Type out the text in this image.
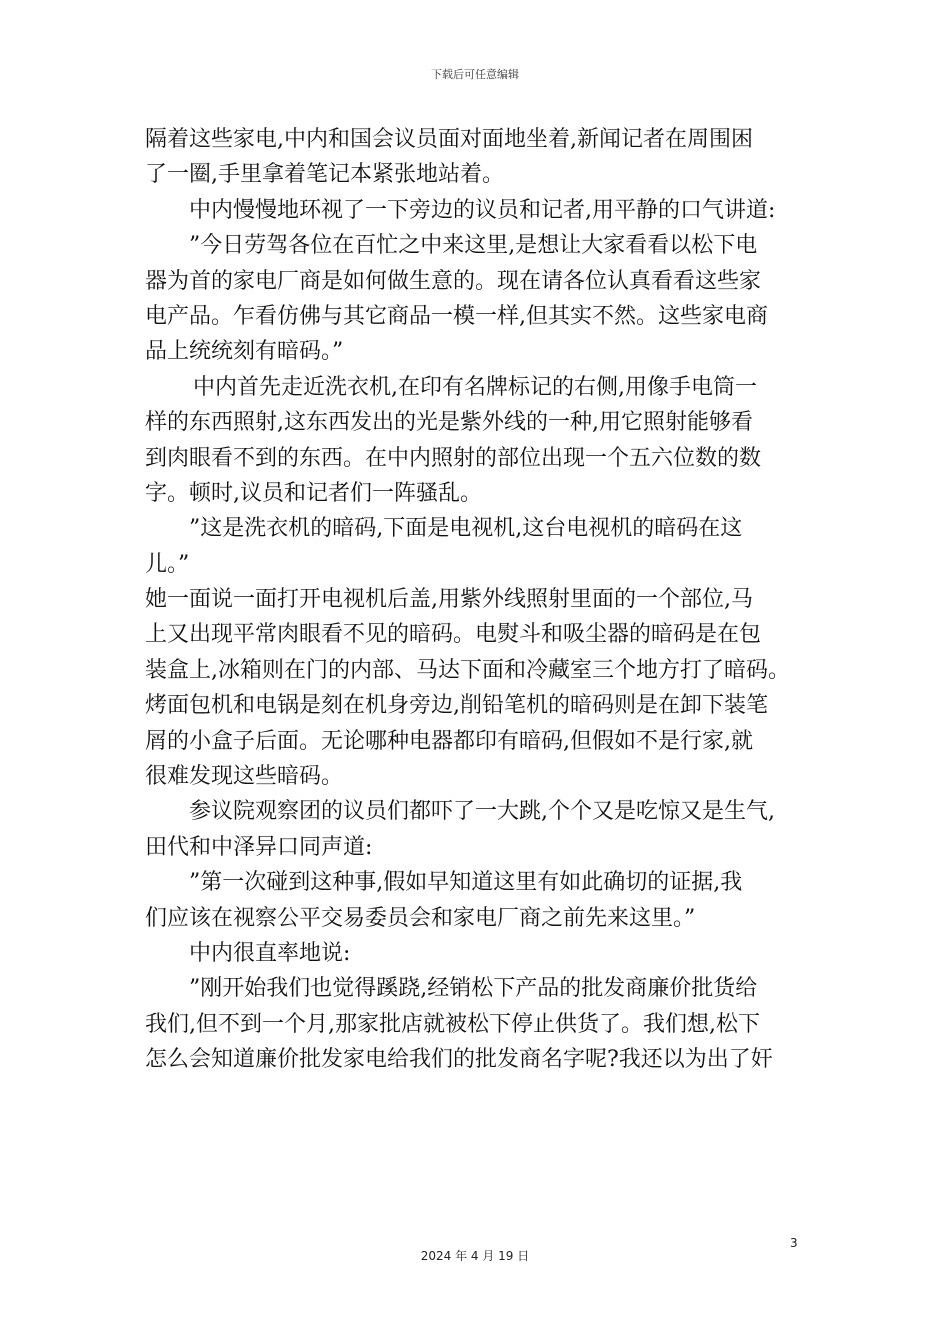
下载后可任意编辑
隔着这些家电,中内和国会议员面对面地坐着,新闻记者在周围困
了一圈,手里拿着笔记本紧张地站着。
中内慢慢地环视了一下旁边的议员和记者,用平静的口气讲道:
”今日劳驾各位在百忙之中来这里,是想让大家看看以松下电
器为首的家电厂商是如何做生意的。现在请各位认真看看这些家
电产品。乍看仿佛与其它商品一模一样,但其实不然。这些家电商
品上统统刻有暗码。”
中内首先走近洗衣机,在印有名牌标记的右侧,用像手电筒一
样的东西照射,这东西发出的光是紫外线的一种,用它照射能够看
到肉眼看不到的东西。在中内照射的部位出现一个五六位数的数
字。顿时,议员和记者们一阵骚乱。
”这是洗衣机的暗码,下面是电视机,这台电视机的暗码在这
儿。”
她一面说一面打开电视机后盖,用紫外线照射里面的一个部位,马
上又出现平常肉眼看不见的暗码。电熨斗和吸尘器的暗码是在包
装盒上,冰箱则在门的内部、马达下面和冷藏室三个地方打了暗码。
烤面包机和电锅是刻在机身旁边,削铅笔机的暗码则是在卸下装笔
屑的小盒子后面。无论哪种电器都印有暗码,但假如不是行家,就
很难发现这些暗码。
参议院观察团的议员们都吓了一大跳,个个又是吃惊又是生气,
田代和中泽异口同声道:
”第一次碰到这种事,假如早知道这里有如此确切的证据,我
们应该在视察公平交易委员会和家电厂商之前先来这里。”
中内很直率地说:
”刚开始我们也觉得蹊跷,经销松下产品的批发商廉价批货给
我们,但不到一个月,那家批店就被松下停止供货了。我们想,松下
怎么会知道廉价批发家电给我们的批发商名字呢?我还以为出了奸
3
2024 年 4 月 19 日
